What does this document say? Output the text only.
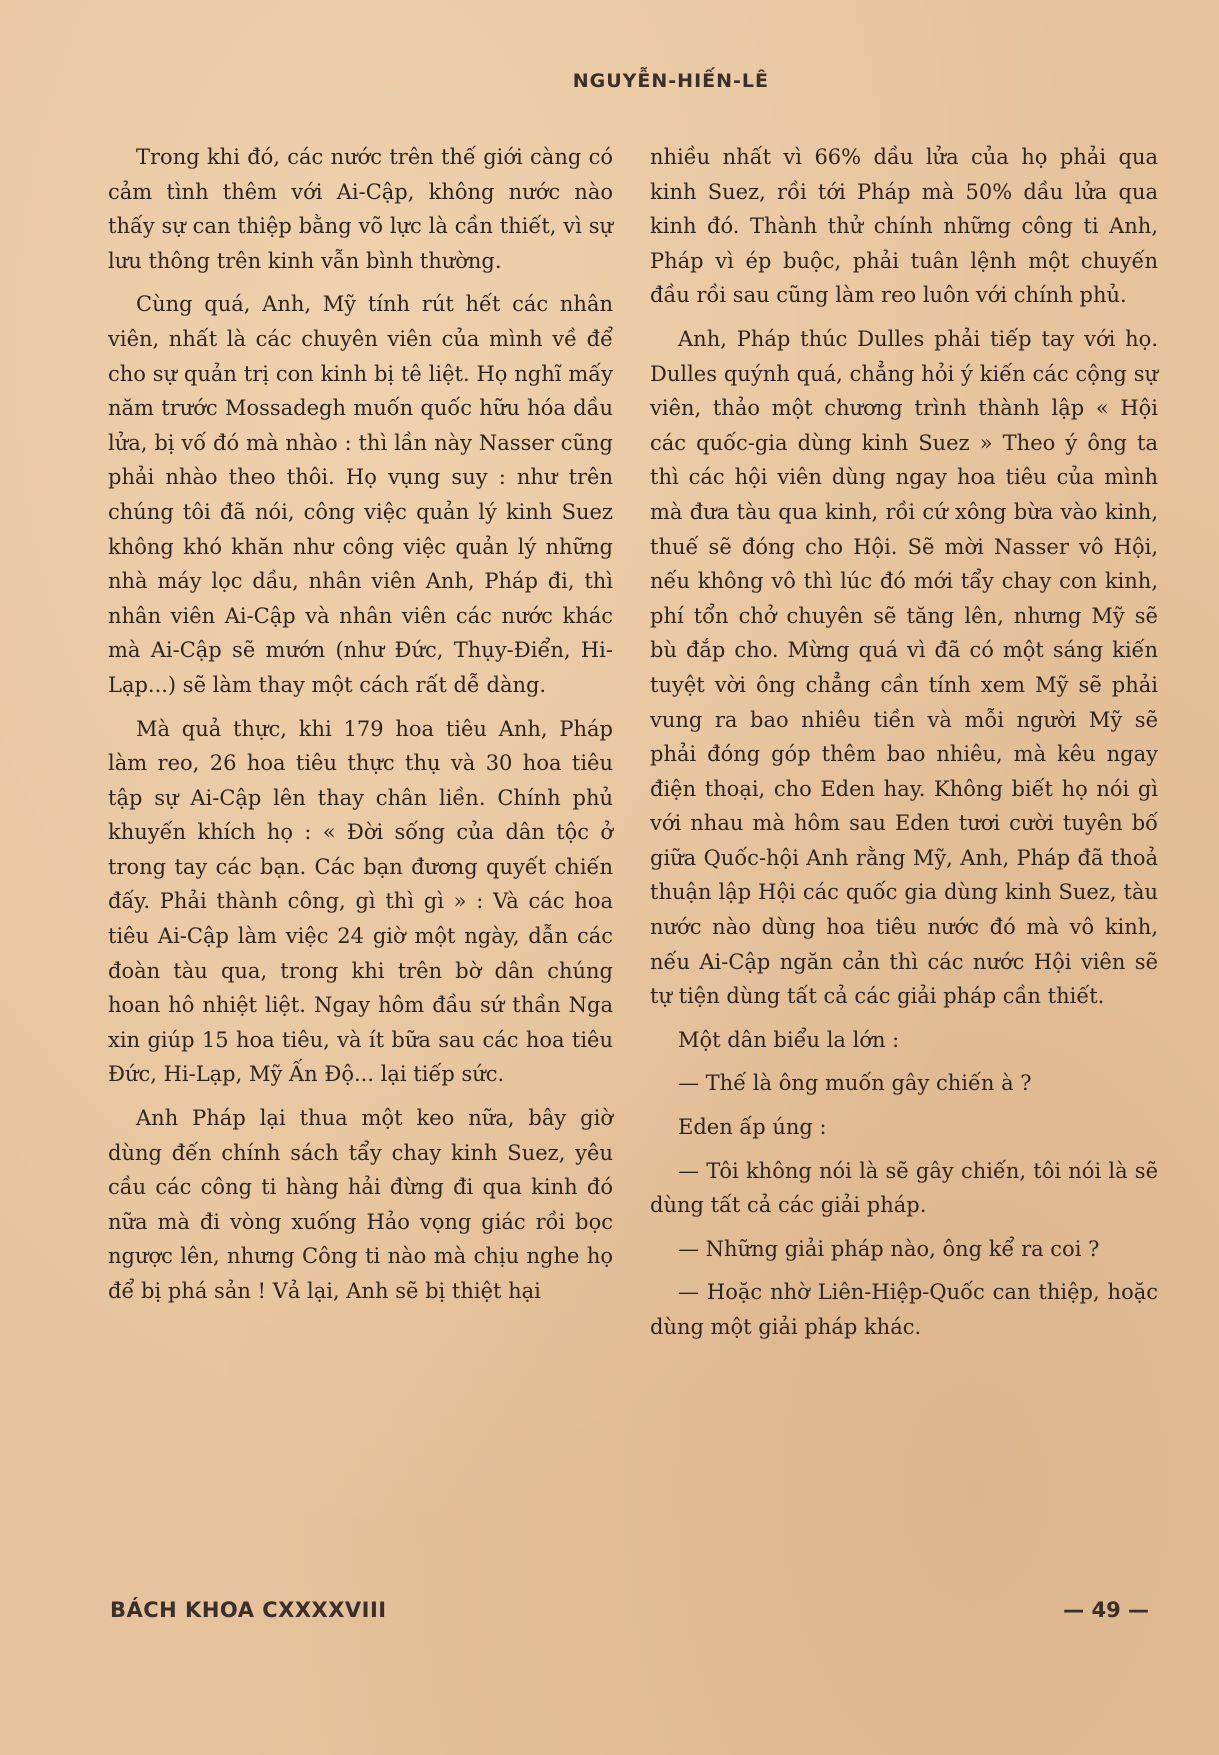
NGUYỄN-HIẾN-LÊ

Trong khi đó, các nước trên thế giới càng có cảm tình thêm với Ai-Cập, không nước nào thấy sự can thiệp bằng võ lực là cần thiết, vì sự lưu thông trên kinh vẫn bình thường.

Cùng quá, Anh, Mỹ tính rút hết các nhân viên, nhất là các chuyên viên của mình về để cho sự quản trị con kinh bị tê liệt. Họ nghĩ mấy năm trước Mossadegh muốn quốc hữu hóa dầu lửa, bị vố đó mà nhào : thì lần này Nasser cũng phải nhào theo thôi. Họ vụng suy : như trên chúng tôi đã nói, công việc quản lý kinh Suez không khó khăn như công việc quản lý những nhà máy lọc dầu, nhân viên Anh, Pháp đi, thì nhân viên Ai-Cập và nhân viên các nước khác mà Ai-Cập sẽ mướn (như Đức, Thụy-Điển, Hi-Lạp...) sẽ làm thay một cách rất dễ dàng.

Mà quả thực, khi 179 hoa tiêu Anh, Pháp làm reo, 26 hoa tiêu thực thụ và 30 hoa tiêu tập sự Ai-Cập lên thay chân liền. Chính phủ khuyến khích họ : « Đời sống của dân tộc ở trong tay các bạn. Các bạn đương quyết chiến đấy. Phải thành công, gì thì gì » : Và các hoa tiêu Ai-Cập làm việc 24 giờ một ngày, dẫn các đoàn tàu qua, trong khi trên bờ dân chúng hoan hô nhiệt liệt. Ngay hôm đầu sứ thần Nga xin giúp 15 hoa tiêu, và ít bữa sau các hoa tiêu Đức, Hi-Lạp, Mỹ Ấn Độ... lại tiếp sức.

Anh Pháp lại thua một keo nữa, bây giờ dùng đến chính sách tẩy chay kinh Suez, yêu cầu các công ti hàng hải đừng đi qua kinh đó nữa mà đi vòng xuống Hảo vọng giác rồi bọc ngược lên, nhưng Công ti nào mà chịu nghe họ để bị phá sản ! Vả lại, Anh sẽ bị thiệt hại

nhiều nhất vì 66% dầu lửa của họ phải qua kinh Suez, rồi tới Pháp mà 50% dầu lửa qua kinh đó. Thành thử chính những công ti Anh, Pháp vì ép buộc, phải tuân lệnh một chuyến đầu rồi sau cũng làm reo luôn với chính phủ.

Anh, Pháp thúc Dulles phải tiếp tay với họ. Dulles quýnh quá, chẳng hỏi ý kiến các cộng sự viên, thảo một chương trình thành lập « Hội các quốc-gia dùng kinh Suez » Theo ý ông ta thì các hội viên dùng ngay hoa tiêu của mình mà đưa tàu qua kinh, rồi cứ xông bừa vào kinh, thuế sẽ đóng cho Hội. Sẽ mời Nasser vô Hội, nếu không vô thì lúc đó mới tẩy chay con kinh, phí tổn chở chuyên sẽ tăng lên, nhưng Mỹ sẽ bù đắp cho. Mừng quá vì đã có một sáng kiến tuyệt vời ông chẳng cần tính xem Mỹ sẽ phải vung ra bao nhiêu tiền và mỗi người Mỹ sẽ phải đóng góp thêm bao nhiêu, mà kêu ngay điện thoại, cho Eden hay. Không biết họ nói gì với nhau mà hôm sau Eden tươi cười tuyên bố giữa Quốc-hội Anh rằng Mỹ, Anh, Pháp đã thoả thuận lập Hội các quốc gia dùng kinh Suez, tàu nước nào dùng hoa tiêu nước đó mà vô kinh, nếu Ai-Cập ngăn cản thì các nước Hội viên sẽ tự tiện dùng tất cả các giải pháp cần thiết.

Một dân biểu la lớn :

— Thế là ông muốn gây chiến à ?

Eden ấp úng :

— Tôi không nói là sẽ gây chiến, tôi nói là sẽ dùng tất cả các giải pháp.

— Những giải pháp nào, ông kể ra coi ?

— Hoặc nhờ Liên-Hiệp-Quốc can thiệp, hoặc dùng một giải pháp khác.

BÁCH KHOA CXXXXVIII	— 49 —
